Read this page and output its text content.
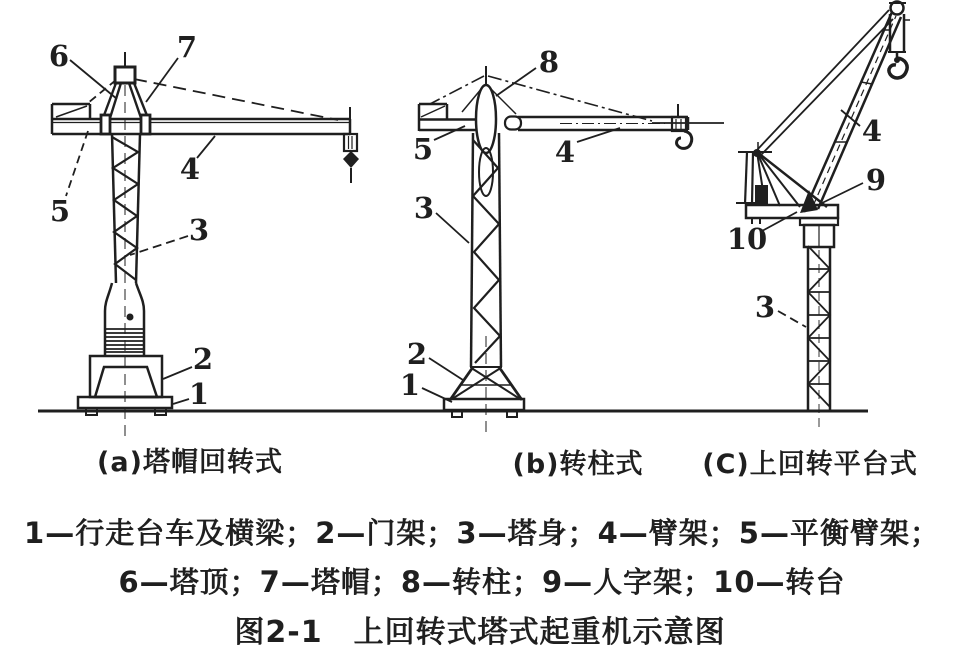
6	7
5
4
3
2
1
8
5	4
3
2
1
4
9
10
3
(a)塔帽回转式	(b)转柱式 (C)上回转平台式
1—行走台车及横梁；2—门架；3—塔身；4—臂架；5—平衡臂架；
6—塔顶；7—塔帽；8—转柱；9—人字架；10—转台
图2-1　上回转式塔式起重机示意图
